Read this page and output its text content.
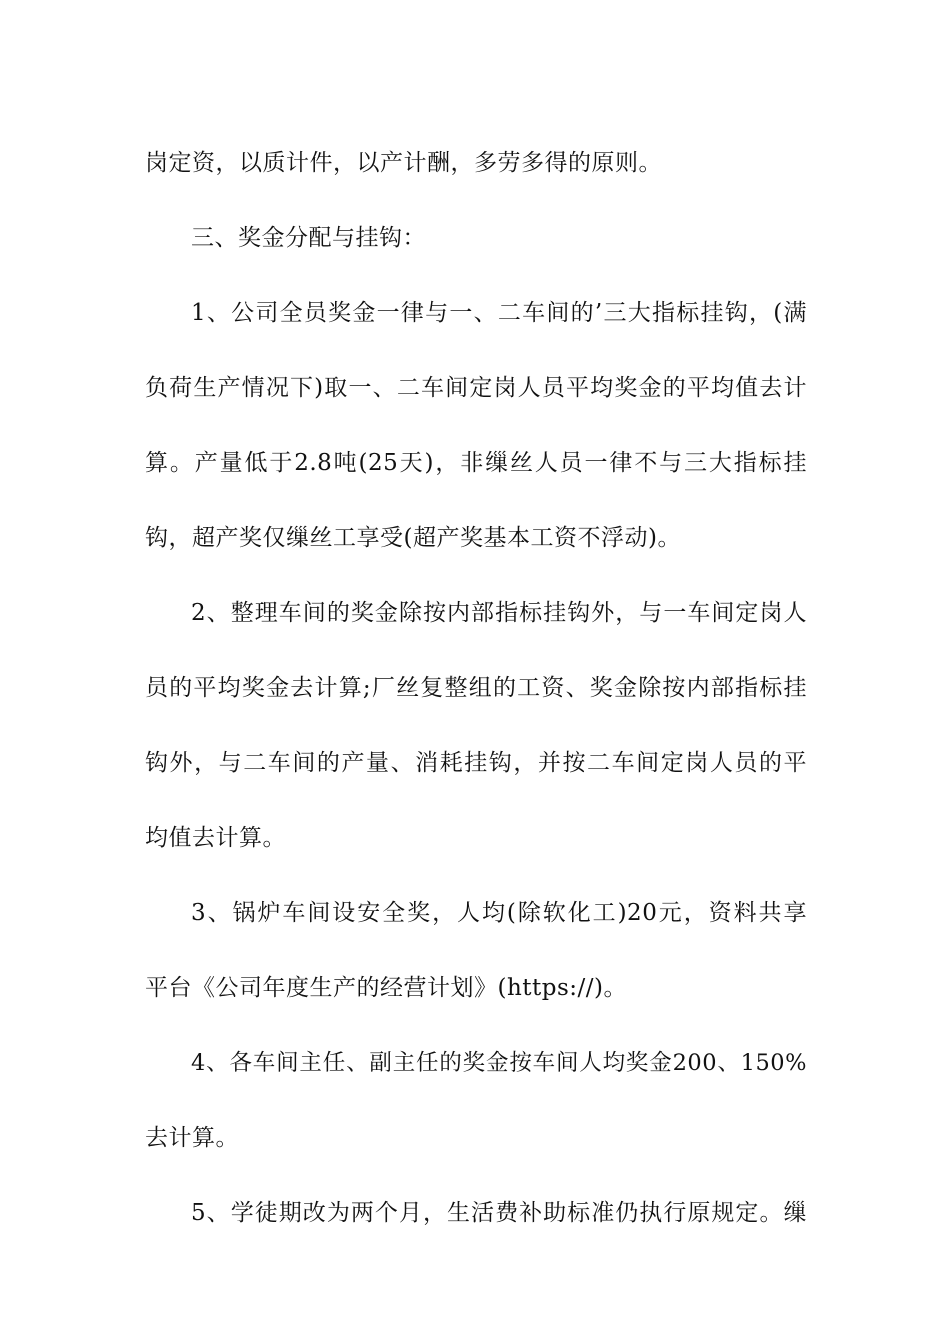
岗定资，以质计件，以产计酬，多劳多得的原则。
三、奖金分配与挂钩：
1、公司全员奖金一律与一、二车间的’三大指标挂钩，(满
负荷生产情况下)取一、二车间定岗人员平均奖金的平均值去计
算。产量低于2.8吨(25天)，非缫丝人员一律不与三大指标挂
钩，超产奖仅缫丝工享受(超产奖基本工资不浮动)。
2、整理车间的奖金除按内部指标挂钩外，与一车间定岗人
员的平均奖金去计算;厂丝复整组的工资、奖金除按内部指标挂
钩外，与二车间的产量、消耗挂钩，并按二车间定岗人员的平
均值去计算。
3、锅炉车间设安全奖，人均(除软化工)20元，资料共享
平台《公司年度生产的经营计划》(https://)。
4、各车间主任、副主任的奖金按车间人均奖金200、150%
去计算。
5、学徒期改为两个月，生活费补助标准仍执行原规定。缫
